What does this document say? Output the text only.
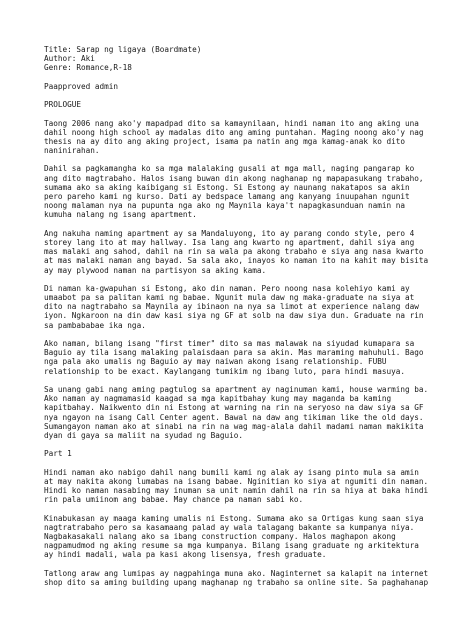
Title: Sarap ng ligaya (Boardmate)
Author: Aki
Genre: Romance,R-18
Paapproved admin
PROLOGUE
Taong 2006 nang ako'y mapadpad dito sa kamaynilaan, hindi naman ito ang aking una
dahil noong high school ay madalas dito ang aming puntahan. Maging noong ako'y nag
thesis na ay dito ang aking project, isama pa natin ang mga kamag-anak ko dito
naninirahan.
Dahil sa pagkamangha ko sa mga malalaking gusali at mga mall, naging pangarap ko
ang dito magtrabaho. Halos isang buwan din akong naghanap ng mapapasukang trabaho,
sumama ako sa aking kaibigang si Estong. Si Estong ay naunang nakatapos sa akin
pero pareho kami ng kurso. Dati ay bedspace lamang ang kanyang inuupahan ngunit
noong malaman nya na pupunta nga ako ng Maynila kaya't napagkasunduan namin na
kumuha nalang ng isang apartment.
Ang nakuha naming apartment ay sa Mandaluyong, ito ay parang condo style, pero 4
storey lang ito at may hallway. Isa lang ang kwarto ng apartment, dahil siya ang
mas malaki ang sahod, dahil na rin sa wala pa akong trabaho e siya ang nasa kwarto
at mas malaki naman ang bayad. Sa sala ako, inayos ko naman ito na kahit may bisita
ay may plywood naman na partisyon sa aking kama.
Di naman ka-gwapuhan si Estong, ako din naman. Pero noong nasa kolehiyo kami ay
umaabot pa sa palitan kami ng babae. Ngunit mula daw ng maka-graduate na siya at
dito na nagtrabaho sa Maynila ay ibinaon na nya sa limot at experience nalang daw
iyon. Ngkaroon na din daw kasi siya ng GF at solb na daw siya dun. Graduate na rin
sa pambababae ika nga.
Ako naman, bilang isang "first timer" dito sa mas malawak na siyudad kumapara sa
Baguio ay tila isang malaking palaisdaan para sa akin. Mas maraming mahuhuli. Bago
nga pala ako umalis ng Baguio ay may naiwan akong isang relationship. FUBU
relationship to be exact. Kaylangang tumikim ng ibang luto, para hindi masuya.
Sa unang gabi nang aming pagtulog sa apartment ay naginuman kami, house warming ba.
Ako naman ay nagmamasid kaagad sa mga kapitbahay kung may maganda ba kaming
kapitbahay. Naikwento din ni Estong at warning na rin na seryoso na daw siya sa GF
nya ngayon na isang Call Center agent. Bawal na daw ang tikiman like the old days.
Sumangayon naman ako at sinabi na rin na wag mag-alala dahil madami naman makikita
dyan di gaya sa maliit na syudad ng Baguio.
Part 1
Hindi naman ako nabigo dahil nang bumili kami ng alak ay isang pinto mula sa amin
at may nakita akong lumabas na isang babae. Nginitian ko siya at ngumiti din naman.
Hindi ko naman nasabing may inuman sa unit namin dahil na rin sa hiya at baka hindi
rin pala umiinom ang babae. May chance pa naman sabi ko.
Kinabukasan ay maaga kaming umalis ni Estong. Sumama ako sa Ortigas kung saan siya
nagtratrabaho pero sa kasamaang palad ay wala talagang bakante sa kumpanya niya.
Nagbakasakali nalang ako sa ibang construction company. Halos maghapon akong
nagpamudmod ng aking resume sa mga kumpanya. Bilang isang graduate ng arkitektura
ay hindi madali, wala pa kasi akong lisensya, fresh graduate.
Tatlong araw ang lumipas ay nagpahinga muna ako. Naginternet sa kalapit na internet
shop dito sa aming building upang maghanap ng trabaho sa online site. Sa paghahanap
